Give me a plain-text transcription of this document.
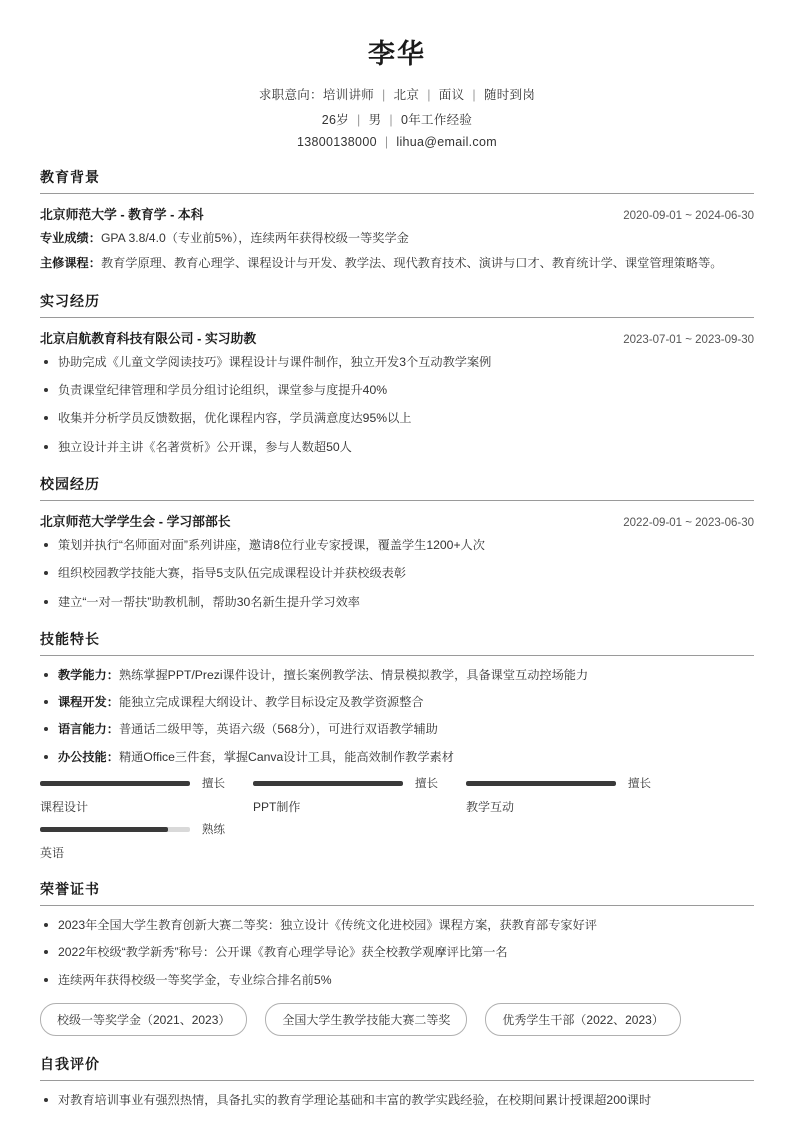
李华
求职意向：培训讲师 | 北京 | 面议 | 随时到岗
26岁 | 男 | 0年工作经验
13800138000 | lihua@email.com
教育背景
北京师范大学 - 教育学 - 本科	2020-09-01 ~ 2024-06-30
专业成绩：GPA 3.8/4.0（专业前5%），连续两年获得校级一等奖学金
主修课程：教育学原理、教育心理学、课程设计与开发、教学法、现代教育技术、演讲与口才、教育统计学、课堂管理策略等。
实习经历
北京启航教育科技有限公司 - 实习助教	2023-07-01 ~ 2023-09-30
协助完成《儿童文学阅读技巧》课程设计与课件制作，独立开发3个互动教学案例
负责课堂纪律管理和学员分组讨论组织，课堂参与度提升40%
收集并分析学员反馈数据，优化课程内容，学员满意度达95%以上
独立设计并主讲《名著赏析》公开课，参与人数超50人
校园经历
北京师范大学学生会 - 学习部部长	2022-09-01 ~ 2023-06-30
策划并执行“名师面对面”系列讲座，邀请8位行业专家授课，覆盖学生1200+人次
组织校园教学技能大赛，指导5支队伍完成课程设计并获校级表彰
建立“一对一帮扶”助教机制，帮助30名新生提升学习效率
技能特长
教学能力：熟练掌握PPT/Prezi课件设计，擅长案例教学法、情景模拟教学，具备课堂互动控场能力
课程开发：能独立完成课程大纲设计、教学目标设定及教学资源整合
语言能力：普通话二级甲等，英语六级（568分），可进行双语教学辅助
办公技能：精通Office三件套，掌握Canva设计工具，能高效制作教学素材
擅长
课程设计
擅长
PPT制作
擅长
教学互动
熟练
英语
荣誉证书
2023年全国大学生教育创新大赛二等奖：独立设计《传统文化进校园》课程方案，获教育部专家好评
2022年校级“教学新秀”称号：公开课《教育心理学导论》获全校教学观摩评比第一名
连续两年获得校级一等奖学金，专业综合排名前5%
校级一等奖学金（2021、2023）	全国大学生教学技能大赛二等奖	优秀学生干部（2022、2023）
自我评价
对教育培训事业有强烈热情，具备扎实的教育学理论基础和丰富的教学实践经验，在校期间累计授课超200课时
